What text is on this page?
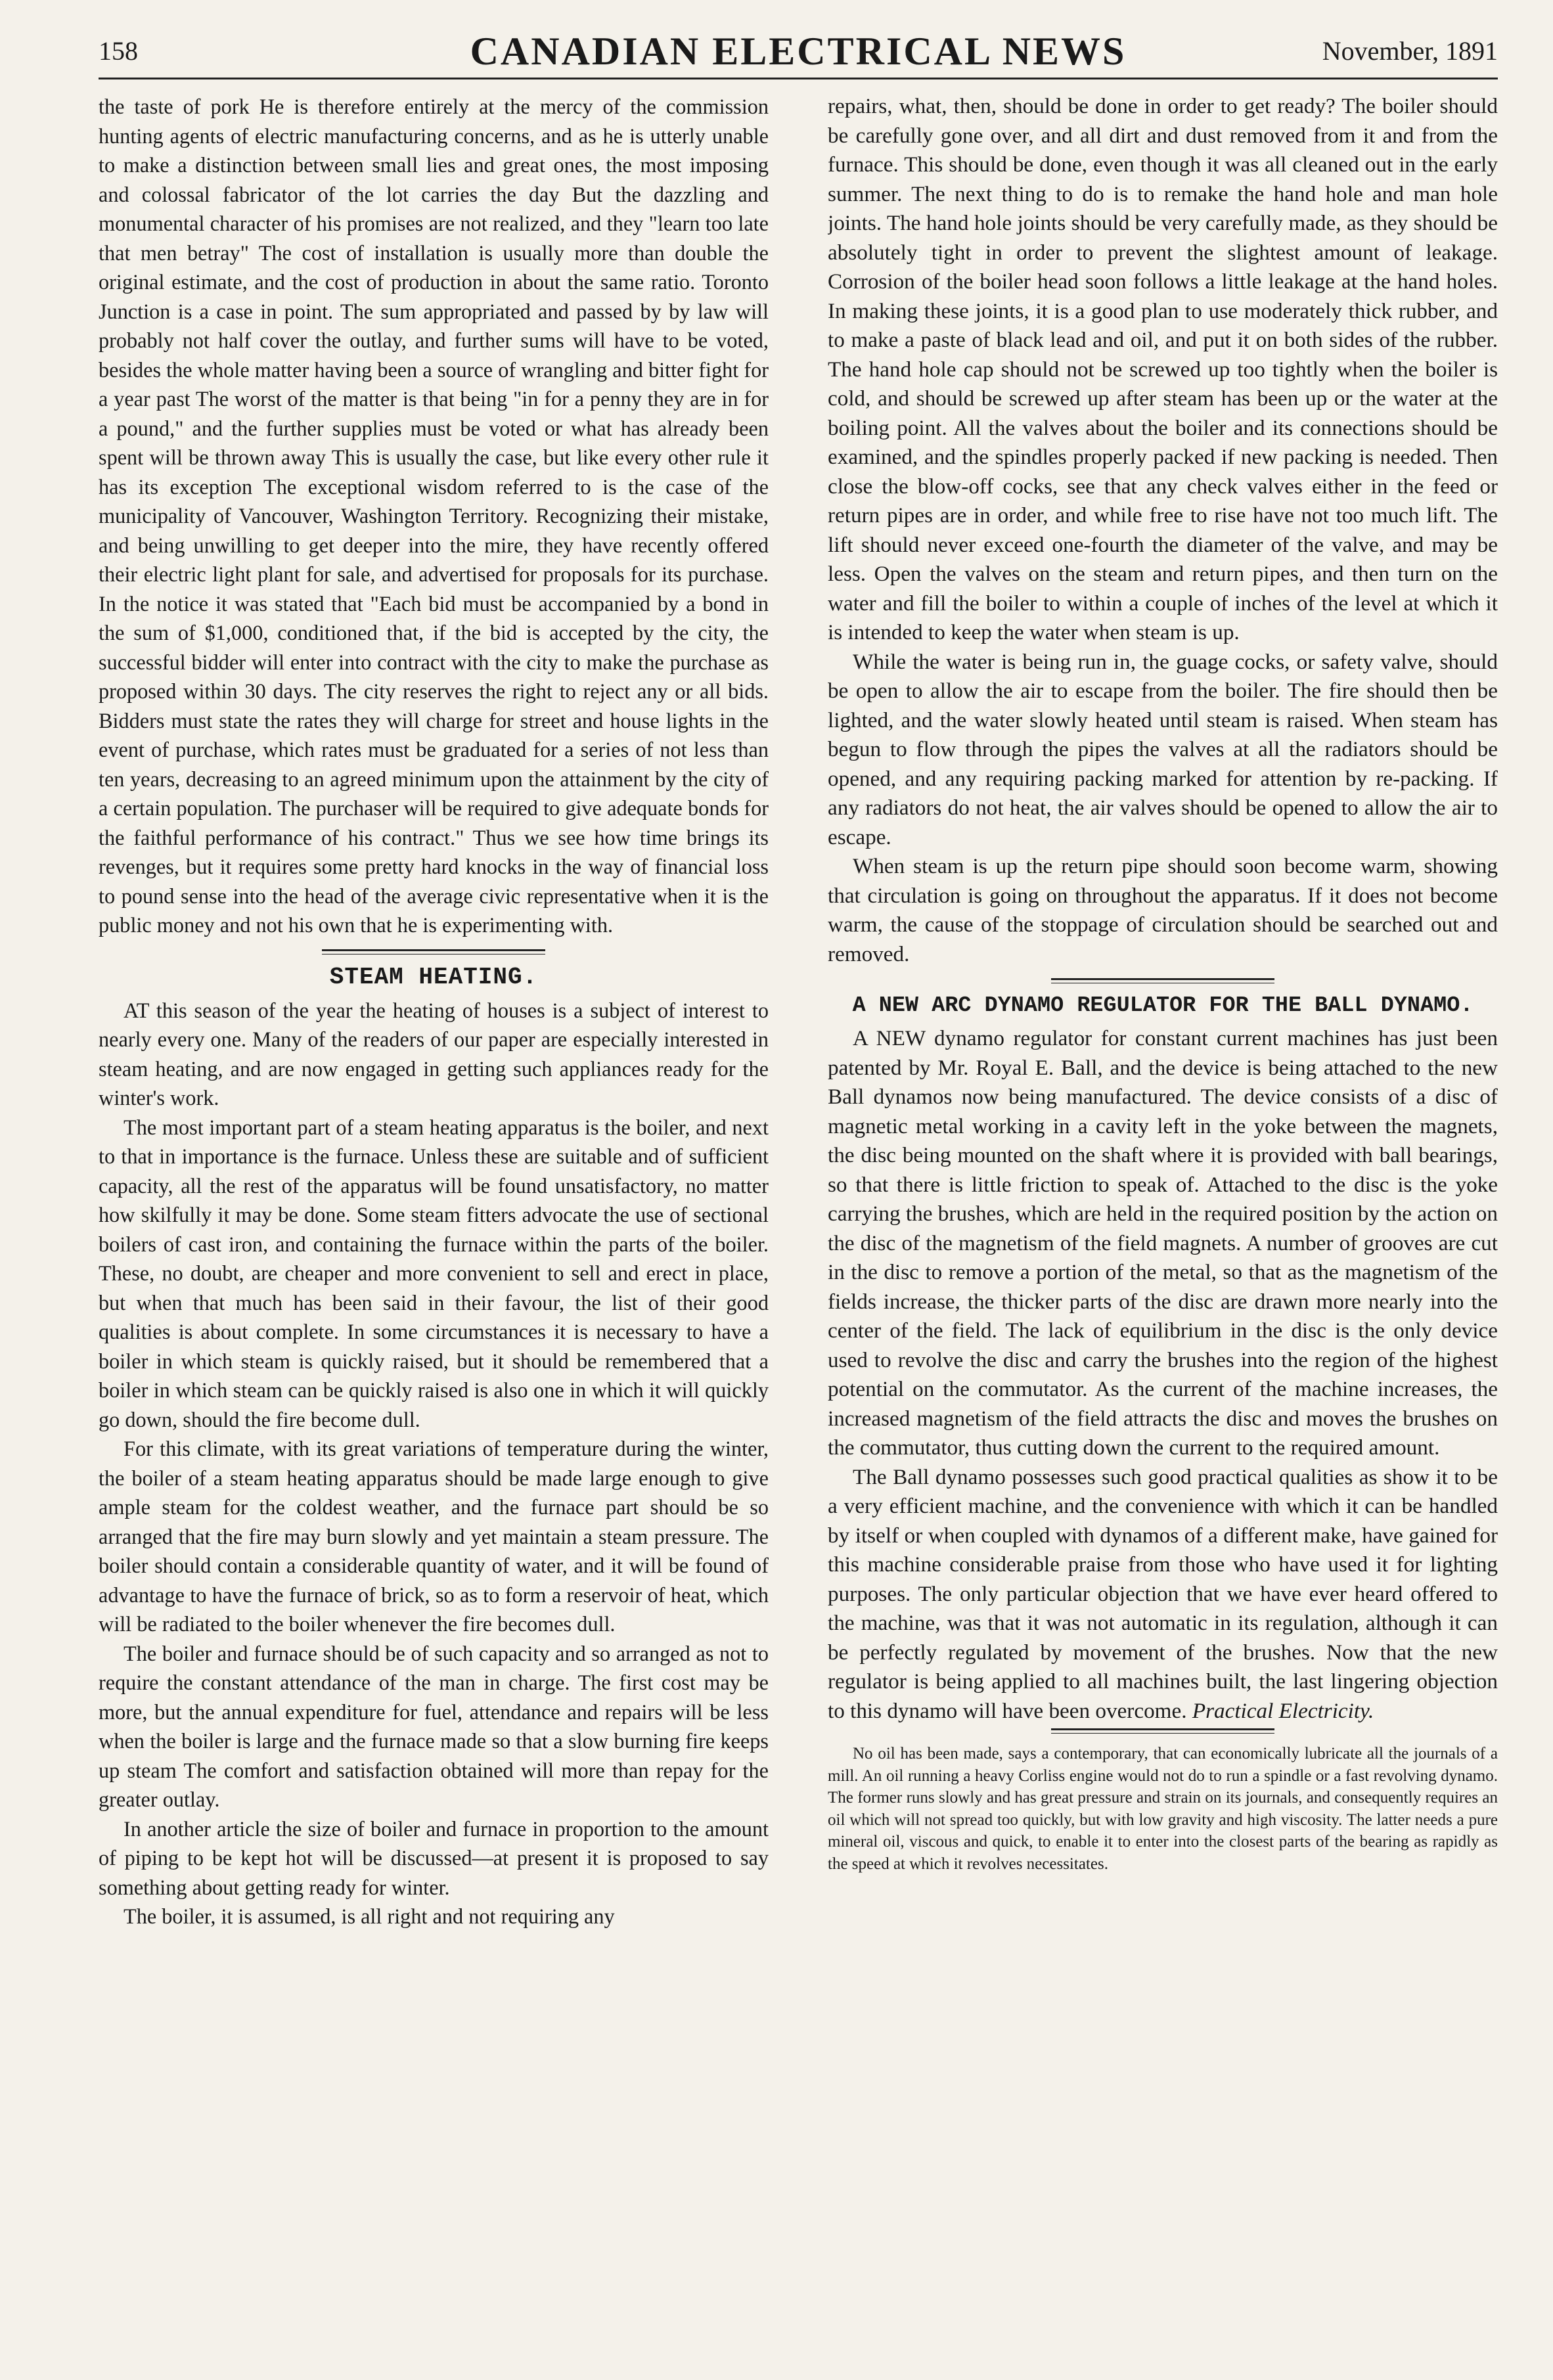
158	CANADIAN ELECTRICAL NEWS	November, 1891

the taste of pork He is therefore entirely at the mercy of the commission hunting agents of electric manufacturing concerns, and as he is utterly unable to make a distinction between small lies and great ones, the most imposing and colossal fabricator of the lot carries the day But the dazzling and monumental character of his promises are not realized, and they "learn too late that men betray" The cost of installation is usually more than double the original estimate, and the cost of production in about the same ratio. Toronto Junction is a case in point. The sum appropriated and passed by by law will probably not half cover the outlay, and further sums will have to be voted, besides the whole matter having been a source of wrangling and bitter fight for a year past The worst of the matter is that being "in for a penny they are in for a pound," and the further supplies must be voted or what has already been spent will be thrown away This is usually the case, but like every other rule it has its exception The exceptional wisdom referred to is the case of the municipality of Vancouver, Washington Territory. Recognizing their mistake, and being unwilling to get deeper into the mire, they have recently offered their electric light plant for sale, and advertised for proposals for its purchase. In the notice it was stated that "Each bid must be accompanied by a bond in the sum of $1,000, conditioned that, if the bid is accepted by the city, the successful bidder will enter into contract with the city to make the purchase as proposed within 30 days. The city reserves the right to reject any or all bids. Bidders must state the rates they will charge for street and house lights in the event of purchase, which rates must be graduated for a series of not less than ten years, decreasing to an agreed minimum upon the attainment by the city of a certain population. The purchaser will be required to give adequate bonds for the faithful performance of his contract." Thus we see how time brings its revenges, but it requires some pretty hard knocks in the way of financial loss to pound sense into the head of the average civic representative when it is the public money and not his own that he is experimenting with.

STEAM HEATING.

AT this season of the year the heating of houses is a subject of interest to nearly every one. Many of the readers of our paper are especially interested in steam heating, and are now engaged in getting such appliances ready for the winter's work.

The most important part of a steam heating apparatus is the boiler, and next to that in importance is the furnace. Unless these are suitable and of sufficient capacity, all the rest of the apparatus will be found unsatisfactory, no matter how skilfully it may be done. Some steam fitters advocate the use of sectional boilers of cast iron, and containing the furnace within the parts of the boiler. These, no doubt, are cheaper and more convenient to sell and erect in place, but when that much has been said in their favour, the list of their good qualities is about complete. In some circumstances it is necessary to have a boiler in which steam is quickly raised, but it should be remembered that a boiler in which steam can be quickly raised is also one in which it will quickly go down, should the fire become dull.

For this climate, with its great variations of temperature during the winter, the boiler of a steam heating apparatus should be made large enough to give ample steam for the coldest weather, and the furnace part should be so arranged that the fire may burn slowly and yet maintain a steam pressure. The boiler should contain a considerable quantity of water, and it will be found of advantage to have the furnace of brick, so as to form a reservoir of heat, which will be radiated to the boiler whenever the fire becomes dull.

The boiler and furnace should be of such capacity and so arranged as not to require the constant attendance of the man in charge. The first cost may be more, but the annual expenditure for fuel, attendance and repairs will be less when the boiler is large and the furnace made so that a slow burning fire keeps up steam The comfort and satisfaction obtained will more than repay for the greater outlay.

In another article the size of boiler and furnace in proportion to the amount of piping to be kept hot will be discussed—at present it is proposed to say something about getting ready for winter.

The boiler, it is assumed, is all right and not requiring any

repairs, what, then, should be done in order to get ready? The boiler should be carefully gone over, and all dirt and dust removed from it and from the furnace. This should be done, even though it was all cleaned out in the early summer. The next thing to do is to remake the hand hole and man hole joints. The hand hole joints should be very carefully made, as they should be absolutely tight in order to prevent the slightest amount of leakage. Corrosion of the boiler head soon follows a little leakage at the hand holes. In making these joints, it is a good plan to use moderately thick rubber, and to make a paste of black lead and oil, and put it on both sides of the rubber. The hand hole cap should not be screwed up too tightly when the boiler is cold, and should be screwed up after steam has been up or the water at the boiling point. All the valves about the boiler and its connections should be examined, and the spindles properly packed if new packing is needed. Then close the blow-off cocks, see that any check valves either in the feed or return pipes are in order, and while free to rise have not too much lift. The lift should never exceed one-fourth the diameter of the valve, and may be less. Open the valves on the steam and return pipes, and then turn on the water and fill the boiler to within a couple of inches of the level at which it is intended to keep the water when steam is up.

While the water is being run in, the guage cocks, or safety valve, should be open to allow the air to escape from the boiler. The fire should then be lighted, and the water slowly heated until steam is raised. When steam has begun to flow through the pipes the valves at all the radiators should be opened, and any requiring packing marked for attention by re-packing. If any radiators do not heat, the air valves should be opened to allow the air to escape.

When steam is up the return pipe should soon become warm, showing that circulation is going on throughout the apparatus. If it does not become warm, the cause of the stoppage of circulation should be searched out and removed.

A NEW ARC DYNAMO REGULATOR FOR THE BALL DYNAMO.

A NEW dynamo regulator for constant current machines has just been patented by Mr. Royal E. Ball, and the device is being attached to the new Ball dynamos now being manufactured. The device consists of a disc of magnetic metal working in a cavity left in the yoke between the magnets, the disc being mounted on the shaft where it is provided with ball bearings, so that there is little friction to speak of. Attached to the disc is the yoke carrying the brushes, which are held in the required position by the action on the disc of the magnetism of the field magnets. A number of grooves are cut in the disc to remove a portion of the metal, so that as the magnetism of the fields increase, the thicker parts of the disc are drawn more nearly into the center of the field. The lack of equilibrium in the disc is the only device used to revolve the disc and carry the brushes into the region of the highest potential on the commutator. As the current of the machine increases, the increased magnetism of the field attracts the disc and moves the brushes on the commutator, thus cutting down the current to the required amount.

The Ball dynamo possesses such good practical qualities as show it to be a very efficient machine, and the convenience with which it can be handled by itself or when coupled with dynamos of a different make, have gained for this machine considerable praise from those who have used it for lighting purposes. The only particular objection that we have ever heard offered to the machine, was that it was not automatic in its regulation, although it can be perfectly regulated by movement of the brushes. Now that the new regulator is being applied to all machines built, the last lingering objection to this dynamo will have been overcome. Practical Electricity.

No oil has been made, says a contemporary, that can economically lubricate all the journals of a mill. An oil running a heavy Corliss engine would not do to run a spindle or a fast revolving dynamo. The former runs slowly and has great pressure and strain on its journals, and consequently requires an oil which will not spread too quickly, but with low gravity and high viscosity. The latter needs a pure mineral oil, viscous and quick, to enable it to enter into the closest parts of the bearing as rapidly as the speed at which it revolves necessitates.
